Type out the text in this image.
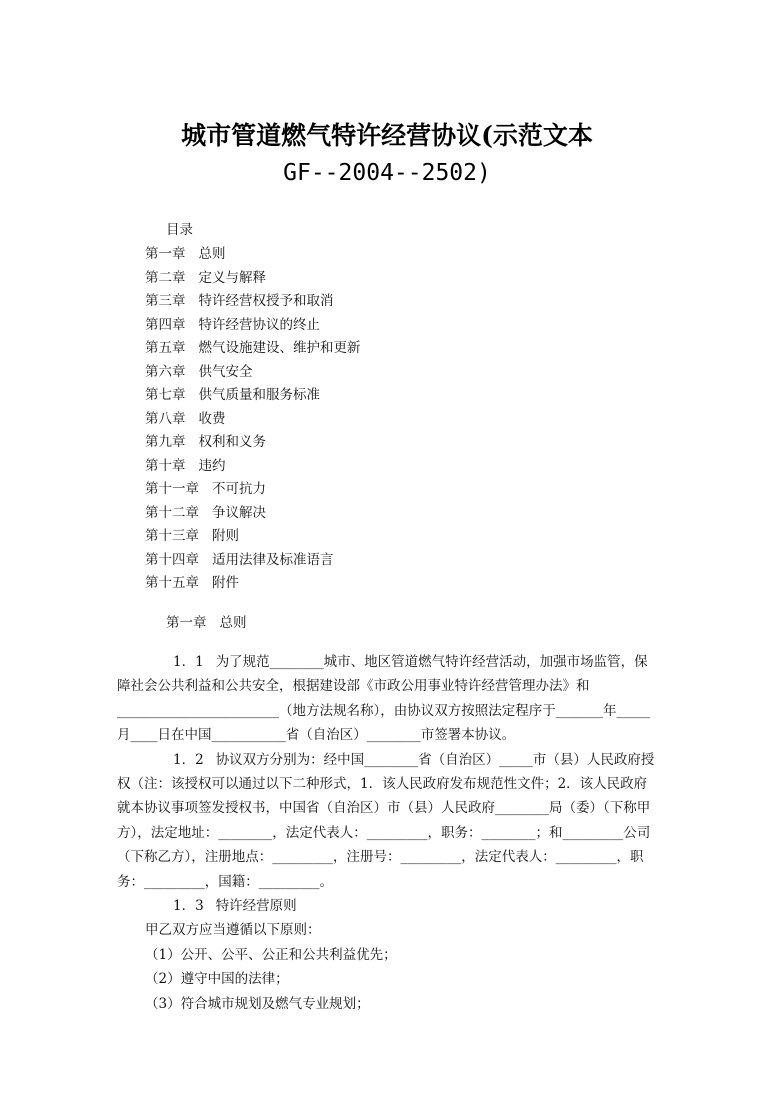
城市管道燃气特许经营协议(示范文本
GF--2004--2502)
目录
第一章 总则
第二章 定义与解释
第三章 特许经营权授予和取消
第四章 特许经营协议的终止
第五章 燃气设施建设、维护和更新
第六章 供气安全
第七章 供气质量和服务标准
第八章 收费
第九章 权利和义务
第十章 违约
第十一章 不可抗力
第十二章 争议解决
第十三章 附则
第十四章 适用法律及标准语言
第十五章 附件
第一章 总则

1．1 为了规范________城市、地区管道燃气特许经营活动，加强市场监管，保障社会公共利益和公共安全，根据建设部《市政公用事业特许经营管理办法》和________________________（地方法规名称），由协议双方按照法定程序于_______年_____月____日在中国___________省（自治区）________市签署本协议。

1．2 协议双方分别为：经中国________省（自治区）_____市（县）人民政府授权（注：该授权可以通过以下二种形式，1．该人民政府发布规范性文件；2．该人民政府就本协议事项签发授权书，中国省（自治区）市（县）人民政府________局（委）（下称甲方），法定地址：________，法定代表人：_________，职务：________；和_________公司（下称乙方），注册地点：_________，注册号：_________，法定代表人：_________，职务：_________，国籍：_________。

1．3 特许经营原则

甲乙双方应当遵循以下原则：

（1）公开、公平、公正和公共利益优先；

（2）遵守中国的法律；

（3）符合城市规划及燃气专业规划；
